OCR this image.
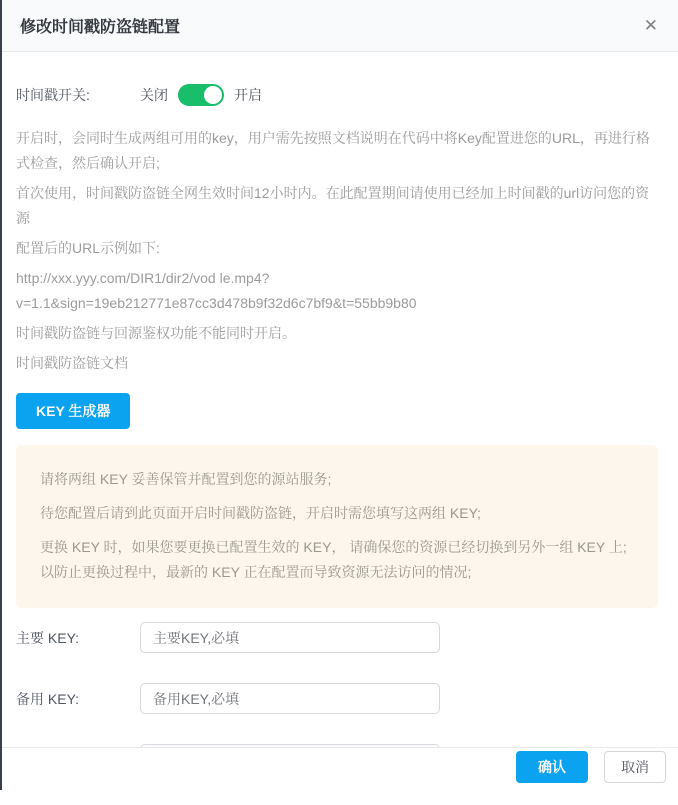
修改时间戳防盗链配置	✕
时间戳开关:	关闭	开启

开启时，会同时生成两组可用的key，用户需先按照文档说明在代码中将Key配置进您的URL，再进行格式检查，然后确认开启;

首次使用，时间戳防盗链全网生效时间12小时内。在此配置期间请使用已经加上时间戳的url访问您的资源

配置后的URL示例如下:

http://xxx.yyy.com/DIR1/dir2/vod le.mp4?v=1.1&sign=19eb212771e87cc3d478b9f32d6c7bf9&t=55bb9b80

时间戳防盗链与回源鉴权功能不能同时开启。

时间戳防盗链文档

KEY 生成器

请将两组 KEY 妥善保管并配置到您的源站服务;

待您配置后请到此页面开启时间戳防盗链，开启时需您填写这两组 KEY;

更换 KEY 时，如果您要更换已配置生效的 KEY， 请确保您的资源已经切换到另外一组 KEY 上; 以防止更换过程中，最新的 KEY 正在配置而导致资源无法访问的情况;

主要 KEY:
主要KEY,必填
备用 KEY:
备用KEY,必填
必填
确认	取消
